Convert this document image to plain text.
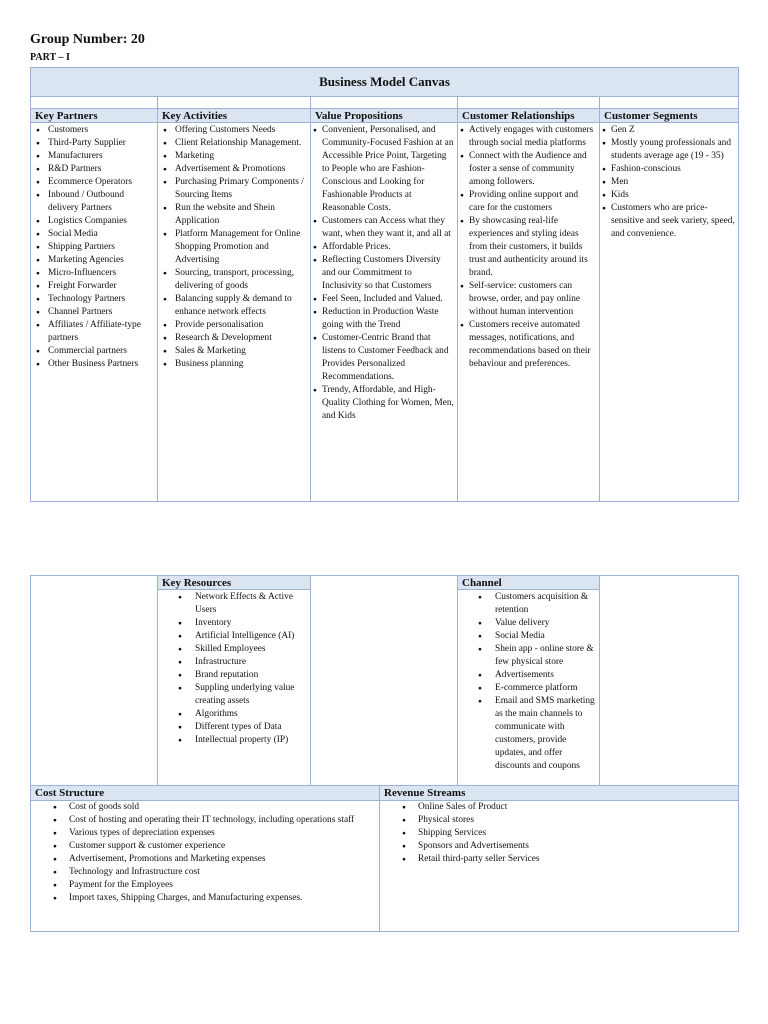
Group Number: 20
PART – I
Business Model Canvas
Key Partners
● Customers
● Third-Party Supplier
● Manufacturers
● R&D Partners
● Ecommerce Operators
● Inbound / Outbound delivery Partners
● Logistics Companies
● Social Media
● Shipping Partners
● Marketing Agencies
● Micro-Influencers
● Freight Forwarder
● Technology Partners
● Channel Partners
● Affiliates / Affiliate-type partners
● Commercial partners
● Other Business Partners
Key Activities
● Offering Customers Needs
● Client Relationship Management.
● Marketing
● Advertisement & Promotions
● Purchasing Primary Components / Sourcing Items
● Run the website and Shein Application
● Platform Management for Online Shopping Promotion and Advertising
● Sourcing, transport, processing, delivering of goods
● Balancing supply & demand to enhance network effects
● Provide personalisation
● Research & Development
● Sales & Marketing
● Business planning
Value Propositions
● Convenient, Personalised, and Community-Focused Fashion at an Accessible Price Point, Targeting to People who are Fashion-Conscious and Looking for Fashionable Products at Reasonable Costs.
● Customers can Access what they want, when they want it, and all at
● Affordable Prices.
● Reflecting Customers Diversity and our Commitment to Inclusivity so that Customers
● Feel Seen, Included and Valued.
● Reduction in Production Waste going with the Trend
● Customer-Centric Brand that listens to Customer Feedback and Provides Personalized Recommendations.
● Trendy, Affordable, and High-Quality Clothing for Women, Men, and Kids
Customer Relationships
● Actively engages with customers through social media platforms
● Connect with the Audience and foster a sense of community among followers.
● Providing online support and care for the customers
● By showcasing real-life experiences and styling ideas from their customers, it builds trust and authenticity around its brand.
● Self-service: customers can browse, order, and pay online without human intervention
● Customers receive automated messages, notifications, and recommendations based on their behaviour and preferences.
Customer Segments
● Gen Z
● Mostly young professionals and students average age (19 - 35)
● Fashion-conscious
● Men
● Kids
● Customers who are price-sensitive and seek variety, speed, and convenience.
Key Resources
● Network Effects & Active Users
● Inventory
● Artificial Intelligence (AI)
● Skilled Employees
● Infrastructure
● Brand reputation
● Suppling underlying value creating assets
● Algorithms
● Different types of Data
● Intellectual property (IP)
Channel
● Customers acquisition & retention
● Value delivery
● Social Media
● Shein app - online store & few physical store
● Advertisements
● E-commerce platform
● Email and SMS marketing as the main channels to communicate with customers, provide updates, and offer discounts and coupons
Cost Structure
● Cost of goods sold
● Cost of hosting and operating their IT technology, including operations staff
● Various types of depreciation expenses
● Customer support & customer experience
● Advertisement, Promotions and Marketing expenses
● Technology and Infrastructure cost
● Payment for the Employees
● Import taxes, Shipping Charges, and Manufacturing expenses.
Revenue Streams
● Online Sales of Product
● Physical stores
● Shipping Services
● Sponsors and Advertisements
● Retail third-party seller Services
